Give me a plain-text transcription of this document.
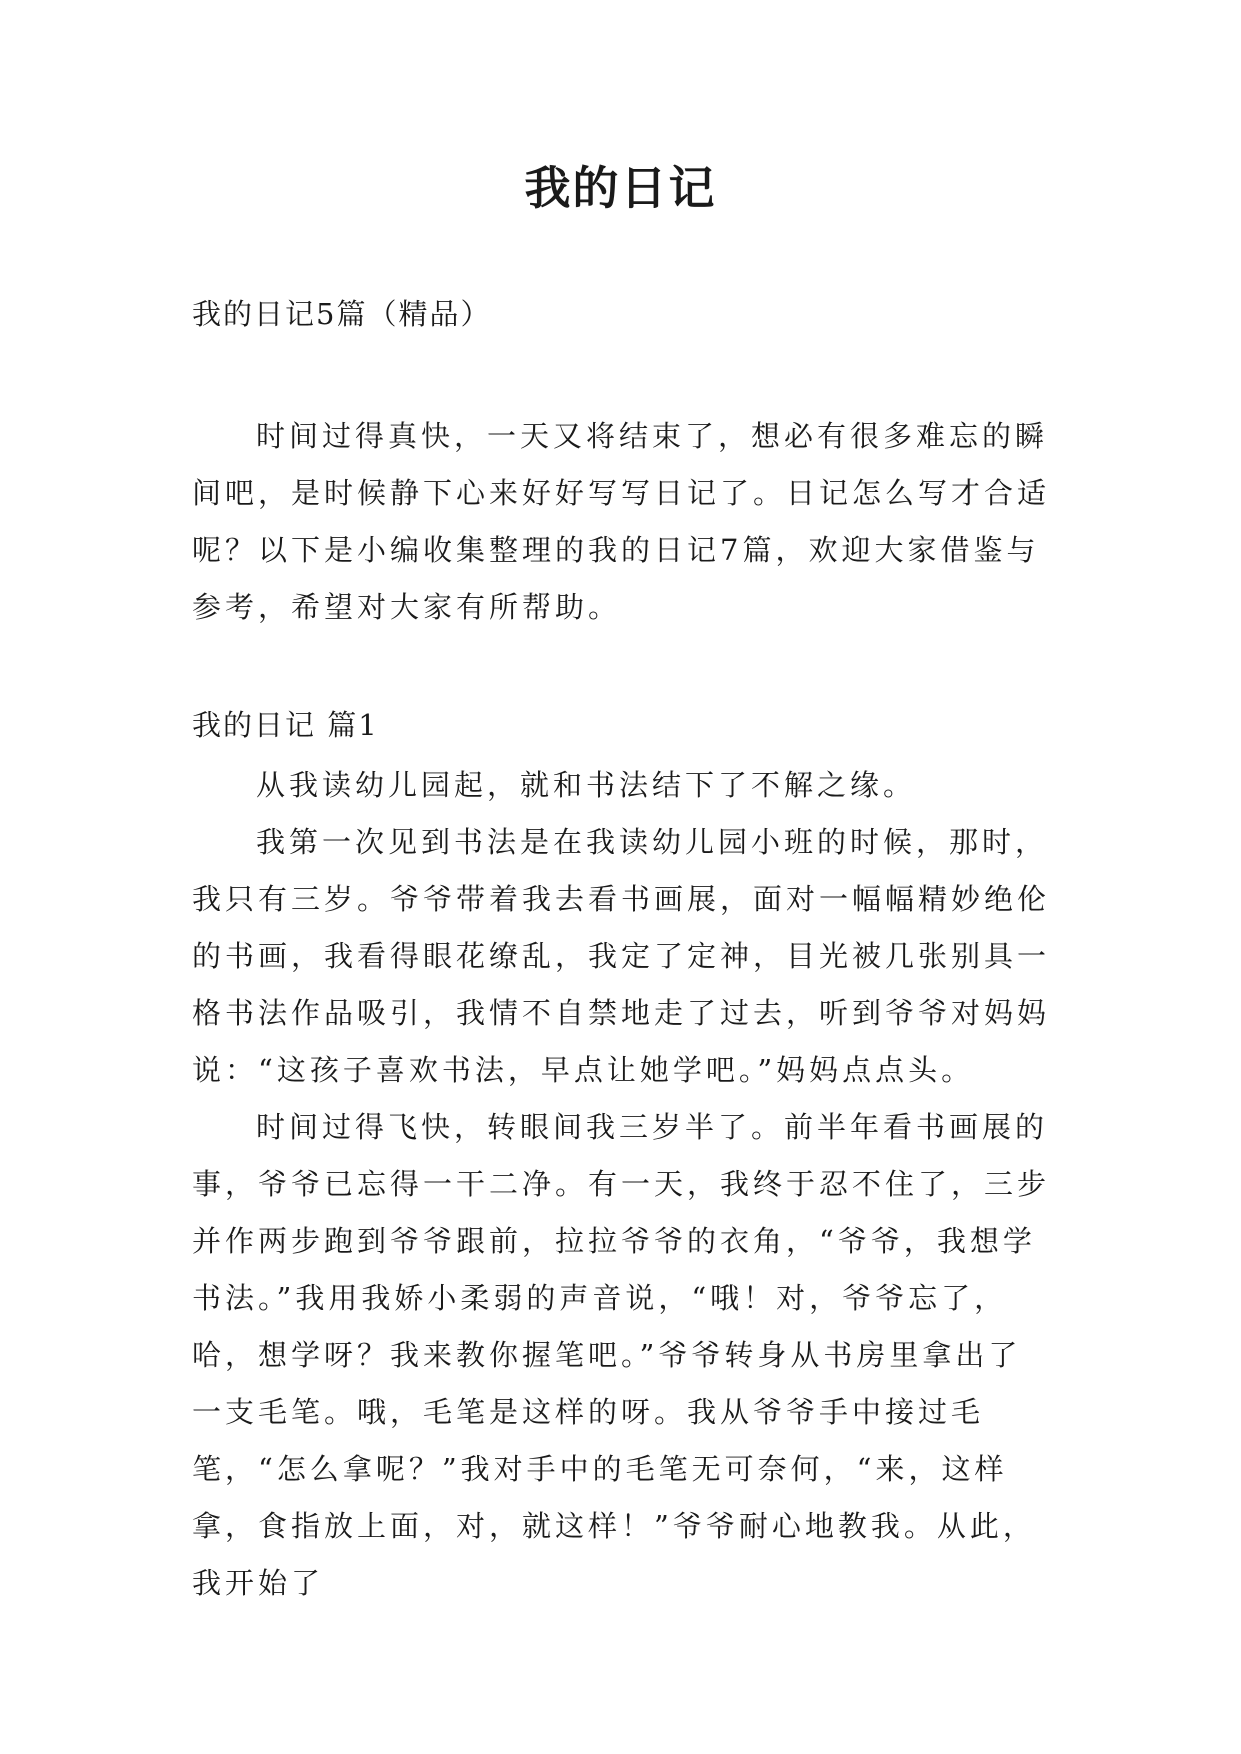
我的日记
我的日记5篇（精品）

时间过得真快，一天又将结束了，想必有很多难忘的瞬间吧，是时候静下心来好好写写日记了。日记怎么写才合适呢？以下是小编收集整理的我的日记7篇，欢迎大家借鉴与参考，希望对大家有所帮助。

我的日记 篇1

从我读幼儿园起，就和书法结下了不解之缘。

我第一次见到书法是在我读幼儿园小班的时候，那时，我只有三岁。爷爷带着我去看书画展，面对一幅幅精妙绝伦的书画，我看得眼花缭乱，我定了定神，目光被几张别具一格书法作品吸引，我情不自禁地走了过去，听到爷爷对妈妈说：“这孩子喜欢书法，早点让她学吧。”妈妈点点头。

时间过得飞快，转眼间我三岁半了。前半年看书画展的事，爷爷已忘得一干二净。有一天，我终于忍不住了，三步并作两步跑到爷爷跟前，拉拉爷爷的衣角，“爷爷，我想学书法。”我用我娇小柔弱的声音说，“哦！对，爷爷忘了，哈，想学呀？我来教你握笔吧。”爷爷转身从书房里拿出了一支毛笔。哦，毛笔是这样的呀。我从爷爷手中接过毛笔，“怎么拿呢？”我对手中的毛笔无可奈何，“来，这样拿，食指放上面，对，就这样！”爷爷耐心地教我。从此，我开始了
